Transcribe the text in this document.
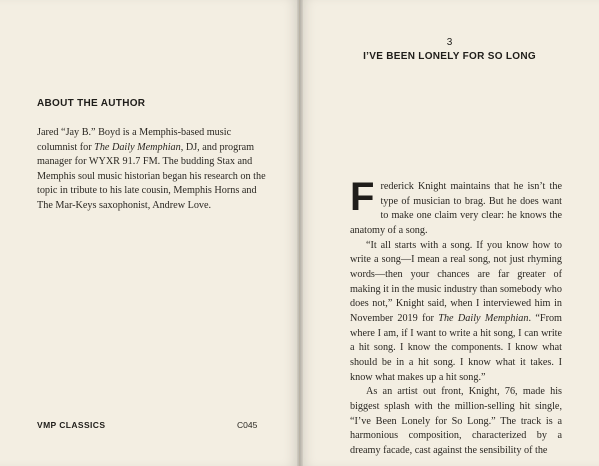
ABOUT THE AUTHOR

Jared “Jay B.” Boyd is a Memphis-based music columnist for The Daily Memphian, DJ, and program manager for WYXR 91.7 FM. The budding Stax and Memphis soul music historian began his research on the topic in tribute to his late cousin, Memphis Horns and The Mar-Keys saxophonist, Andrew Love.

VMP CLASSICS	C045
3
I’VE BEEN LONELY FOR SO LONG

Frederick Knight maintains that he isn’t the type of musician to brag. But he does want to make one claim very clear: he knows the anatomy of a song.

“It all starts with a song. If you know how to write a song—I mean a real song, not just rhyming words—then your chances are far greater of making it in the music industry than somebody who does not,” Knight said, when I interviewed him in November 2019 for The Daily Memphian. “From where I am, if I want to write a hit song, I can write a hit song. I know the components. I know what should be in a hit song. I know what it takes. I know what makes up a hit song.”

As an artist out front, Knight, 76, made his biggest splash with the million-selling hit single, “I’ve Been Lonely for So Long.” The track is a harmonious composition, characterized by a dreamy facade, cast against the sensibility of the
